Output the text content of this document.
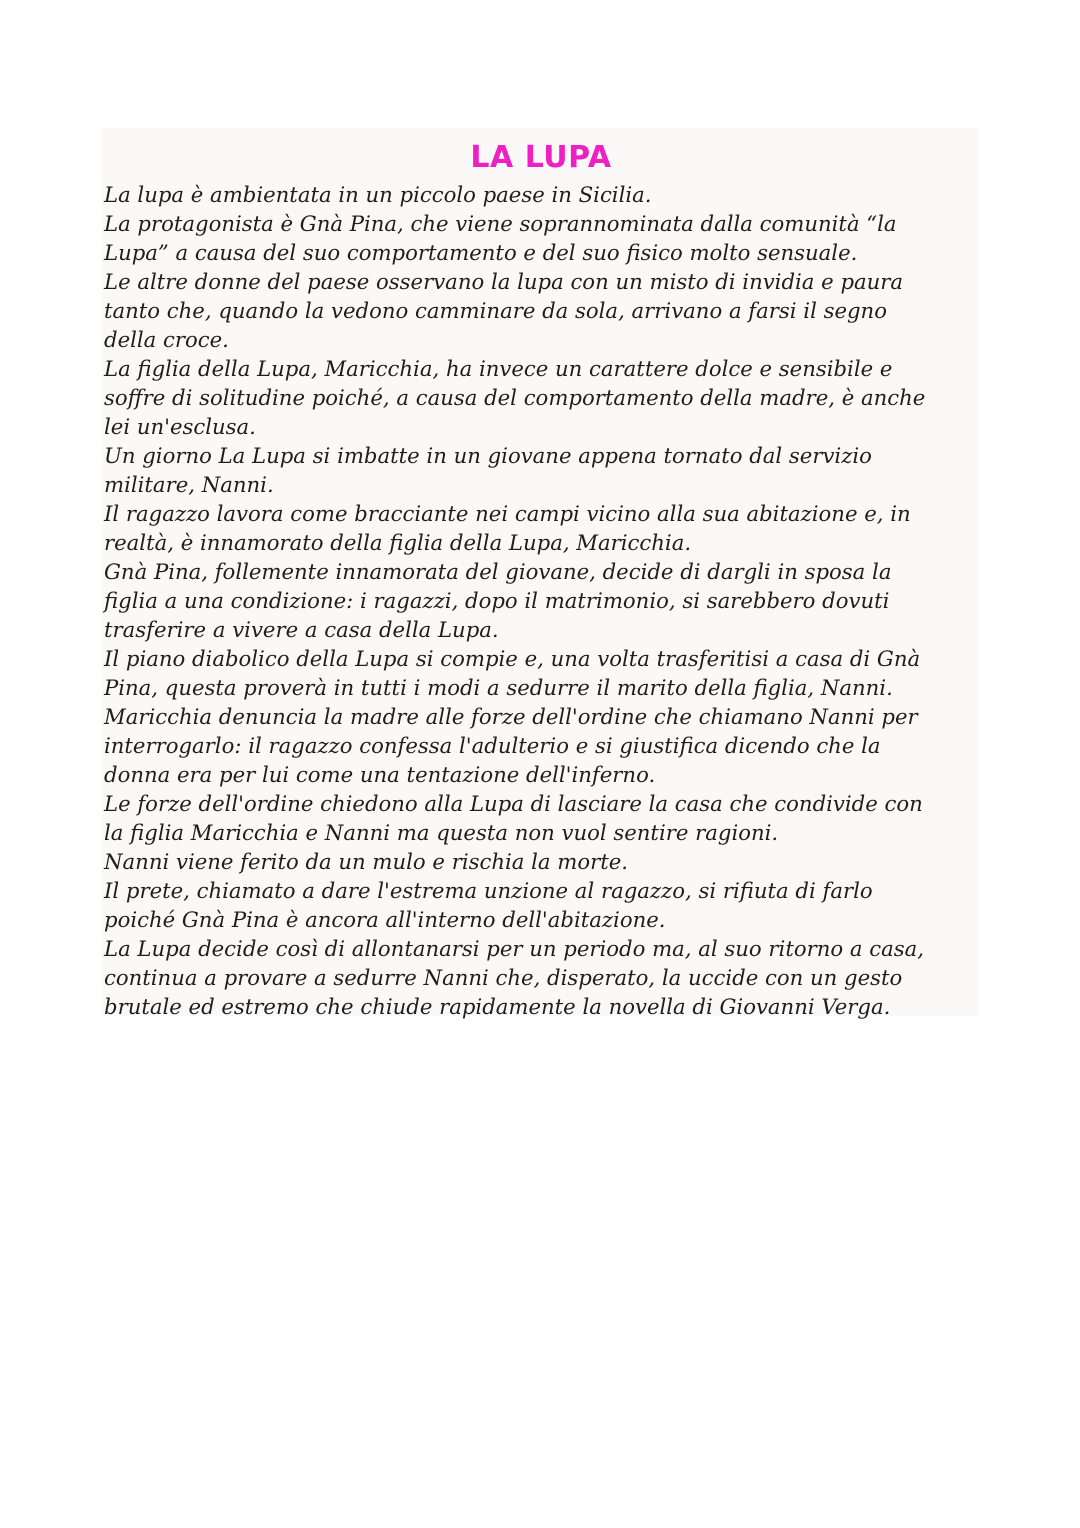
LA LUPA
La lupa è ambientata in un piccolo paese in Sicilia.
La protagonista è Gnà Pina, che viene soprannominata dalla comunità “la
Lupa” a causa del suo comportamento e del suo fisico molto sensuale.
Le altre donne del paese osservano la lupa con un misto di invidia e paura
tanto che, quando la vedono camminare da sola, arrivano a farsi il segno
della croce.
La figlia della Lupa, Maricchia, ha invece un carattere dolce e sensibile e
soffre di solitudine poiché, a causa del comportamento della madre, è anche
lei un'esclusa.
Un giorno La Lupa si imbatte in un giovane appena tornato dal servizio
militare, Nanni.
Il ragazzo lavora come bracciante nei campi vicino alla sua abitazione e, in
realtà, è innamorato della figlia della Lupa, Maricchia.
Gnà Pina, follemente innamorata del giovane, decide di dargli in sposa la
figlia a una condizione: i ragazzi, dopo il matrimonio, si sarebbero dovuti
trasferire a vivere a casa della Lupa.
Il piano diabolico della Lupa si compie e, una volta trasferitisi a casa di Gnà
Pina, questa proverà in tutti i modi a sedurre il marito della figlia, Nanni.
Maricchia denuncia la madre alle forze dell'ordine che chiamano Nanni per
interrogarlo: il ragazzo confessa l'adulterio e si giustifica dicendo che la
donna era per lui come una tentazione dell'inferno.
Le forze dell'ordine chiedono alla Lupa di lasciare la casa che condivide con
la figlia Maricchia e Nanni ma questa non vuol sentire ragioni.
Nanni viene ferito da un mulo e rischia la morte.
Il prete, chiamato a dare l'estrema unzione al ragazzo, si rifiuta di farlo
poiché Gnà Pina è ancora all'interno dell'abitazione.
La Lupa decide così di allontanarsi per un periodo ma, al suo ritorno a casa,
continua a provare a sedurre Nanni che, disperato, la uccide con un gesto
brutale ed estremo che chiude rapidamente la novella di Giovanni Verga.
